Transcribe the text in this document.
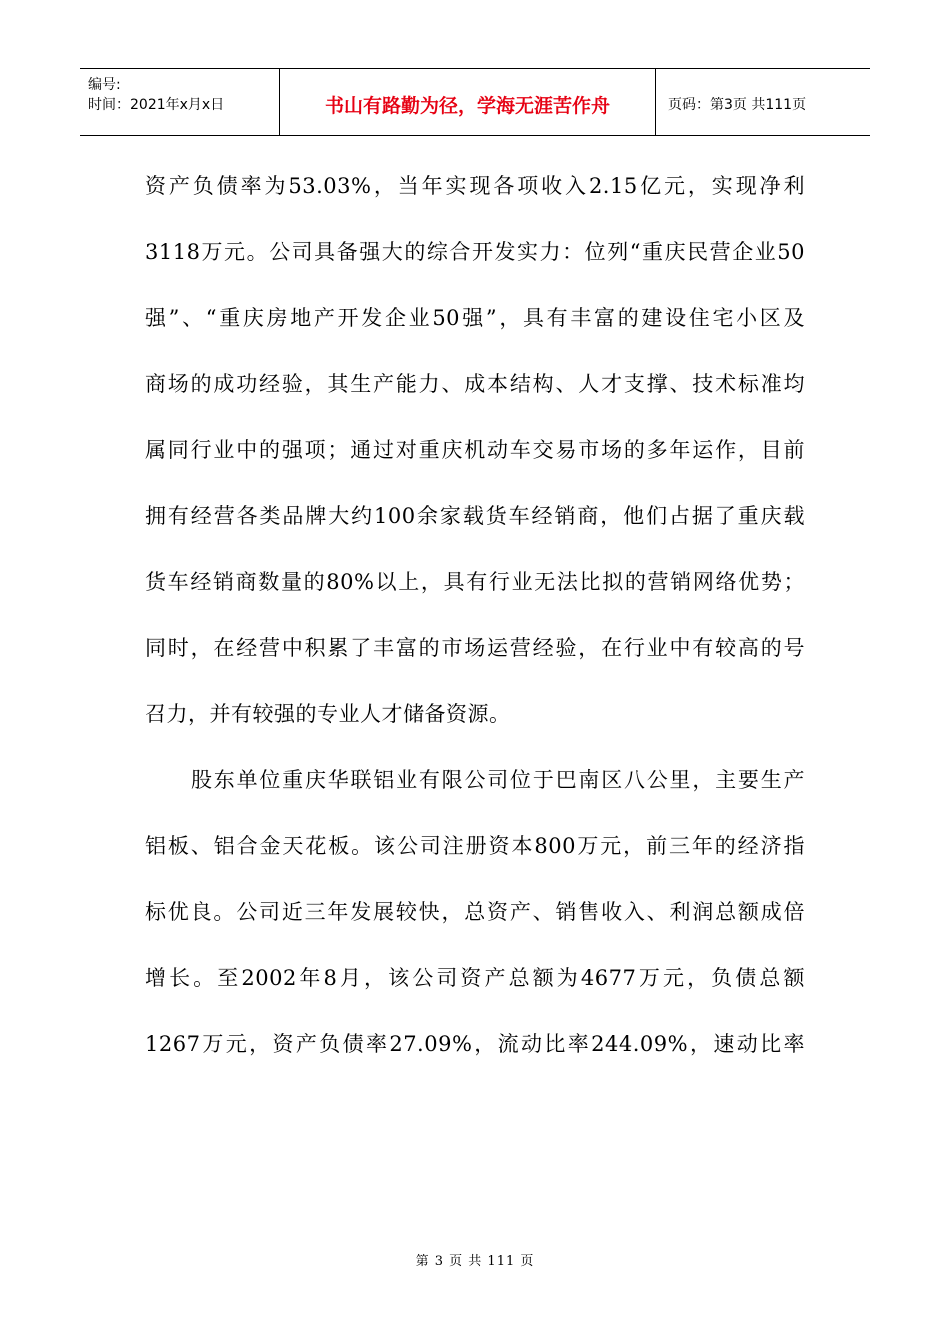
编号:
时间：2021年x月x日	书山有路勤为径，学海无涯苦作舟	页码：第3页 共111页
资产负债率为53.03%，当年实现各项收入2.15亿元，实现净利
3118万元。公司具备强大的综合开发实力：位列“重庆民营企业50
强”、“重庆房地产开发企业50强”，具有丰富的建设住宅小区及
商场的成功经验，其生产能力、成本结构、人才支撑、技术标准均
属同行业中的强项；通过对重庆机动车交易市场的多年运作，目前
拥有经营各类品牌大约100余家载货车经销商，他们占据了重庆载
货车经销商数量的80%以上，具有行业无法比拟的营销网络优势；
同时，在经营中积累了丰富的市场运营经验，在行业中有较高的号
召力，并有较强的专业人才储备资源。
股东单位重庆华联铝业有限公司位于巴南区八公里，主要生产
铝板、铝合金天花板。该公司注册资本800万元，前三年的经济指
标优良。公司近三年发展较快，总资产、销售收入、利润总额成倍
增长。至2002年8月，该公司资产总额为4677万元，负债总额
1267万元，资产负债率27.09%，流动比率244.09%，速动比率
第 3 页 共 111 页
